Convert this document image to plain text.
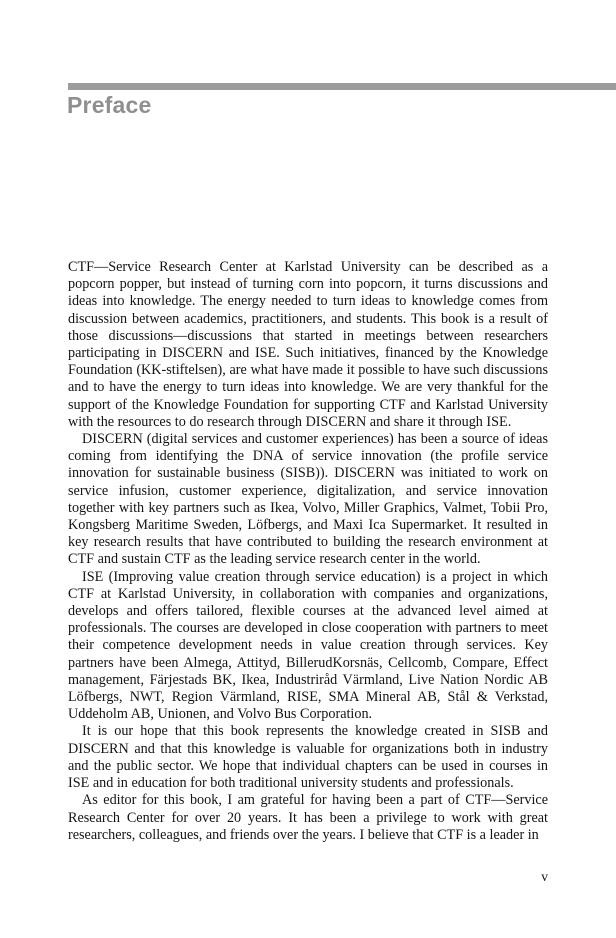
Preface

CTF—Service Research Center at Karlstad University can be described as a popcorn popper, but instead of turning corn into popcorn, it turns discussions and ideas into knowledge. The energy needed to turn ideas to knowledge comes from discussion between academics, practitioners, and students. This book is a result of those discussions—discussions that started in meetings between researchers participating in DISCERN and ISE. Such initiatives, financed by the Knowledge Foundation (KK-stiftelsen), are what have made it possible to have such discussions and to have the energy to turn ideas into knowledge. We are very thankful for the support of the Knowledge Foundation for supporting CTF and Karlstad University with the resources to do research through DISCERN and share it through ISE.

DISCERN (digital services and customer experiences) has been a source of ideas coming from identifying the DNA of service innovation (the profile service innovation for sustainable business (SISB)). DISCERN was initiated to work on service infusion, customer experience, digitalization, and service innovation together with key partners such as Ikea, Volvo, Miller Graphics, Valmet, Tobii Pro, Kongsberg Maritime Sweden, Löfbergs, and Maxi Ica Supermarket. It resulted in key research results that have contributed to building the research environment at CTF and sustain CTF as the leading service research center in the world.

ISE (Improving value creation through service education) is a project in which CTF at Karlstad University, in collaboration with companies and organizations, develops and offers tailored, flexible courses at the advanced level aimed at professionals. The courses are developed in close cooperation with partners to meet their competence development needs in value creation through services. Key partners have been Almega, Attityd, BillerudKorsnäs, Cellcomb, Compare, Effect management, Färjestads BK, Ikea, Industriråd Värmland, Live Nation Nordic AB Löfbergs, NWT, Region Värmland, RISE, SMA Mineral AB, Stål & Verkstad, Uddeholm AB, Unionen, and Volvo Bus Corporation.

It is our hope that this book represents the knowledge created in SISB and DISCERN and that this knowledge is valuable for organizations both in industry and the public sector. We hope that individual chapters can be used in courses in ISE and in education for both traditional university students and professionals.

As editor for this book, I am grateful for having been a part of CTF—Service Research Center for over 20 years. It has been a privilege to work with great researchers, colleagues, and friends over the years. I believe that CTF is a leader in

v
